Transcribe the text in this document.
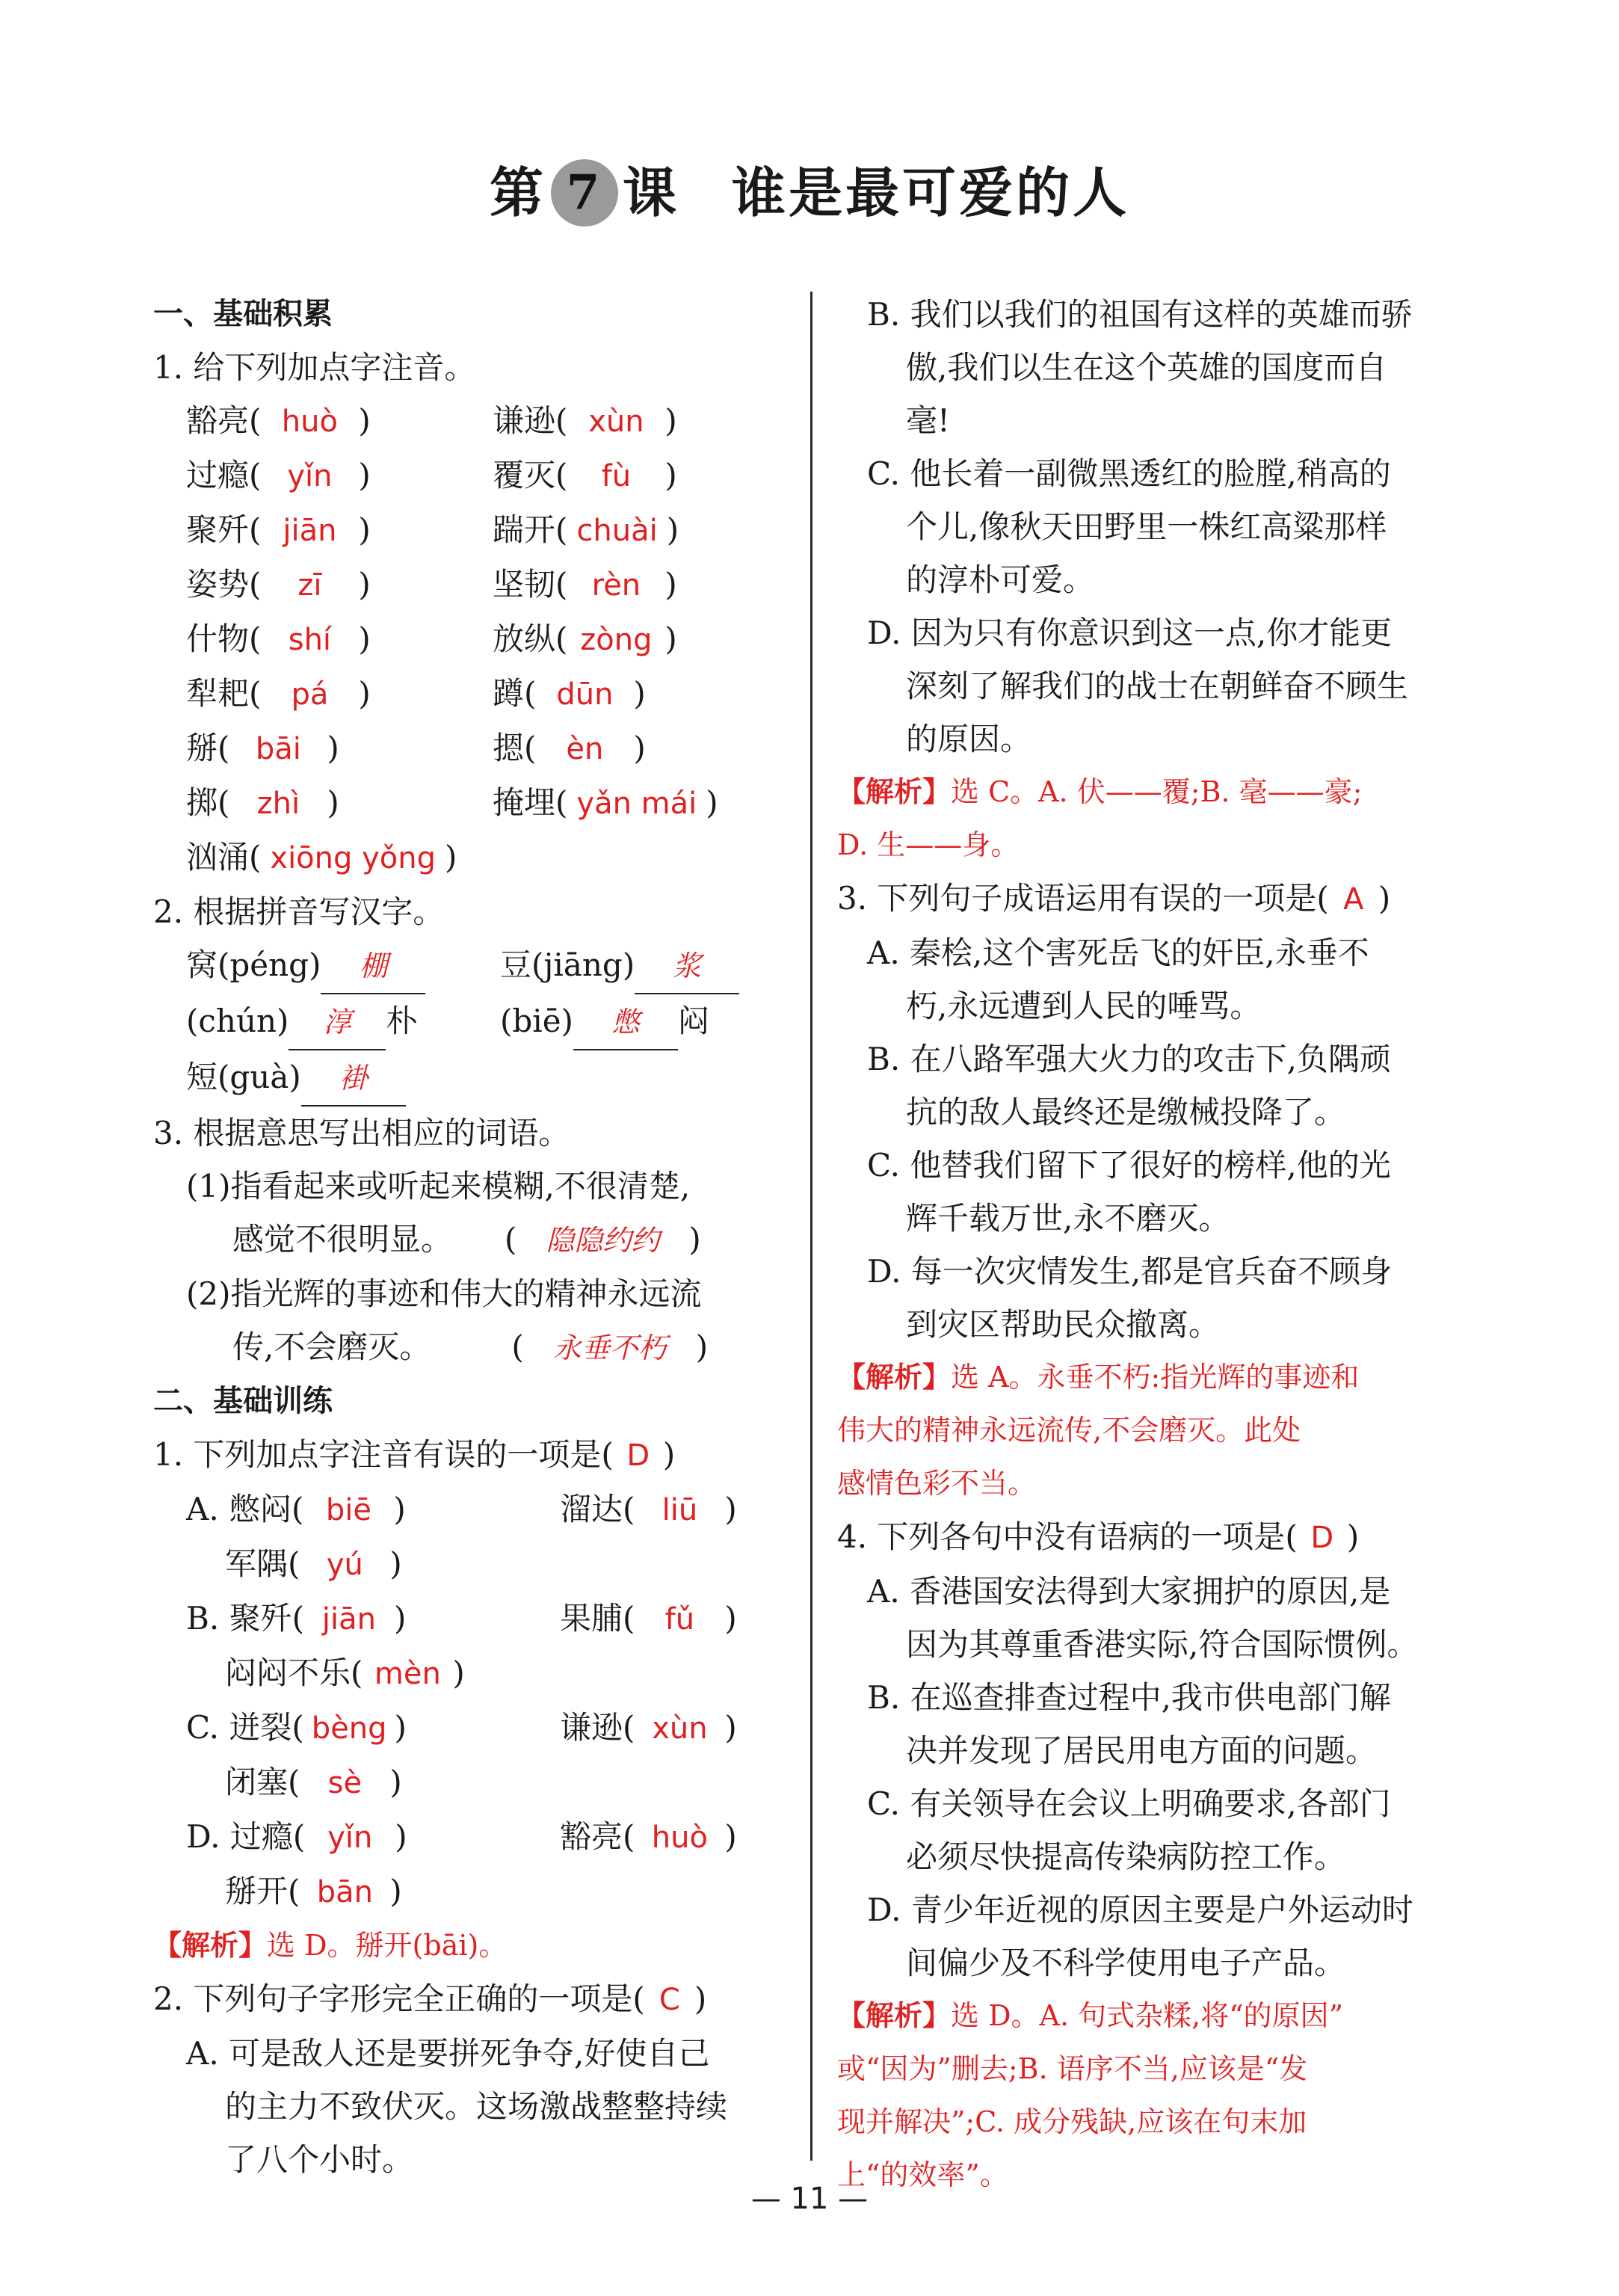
第 7 课 谁是最可爱的人
一、基础积累
1. 给下列加点字注音。
豁亮( huò )	谦逊( xùn )
过瘾( yǐn )	覆灭( fù )
聚歼( jiān )	踹开( chuài )
姿势( zī )	坚韧( rèn )
什物( shí )	放纵( zòng )
犁耙( pá )	蹲( dūn )
掰( bāi )	摁( èn )
掷( zhì )	掩埋( yǎn mái )
汹涌( xiōng yǒng )
2. 根据拼音写汉字。
窝(péng) 棚	豆(jiāng) 浆
(chún) 淳 朴	(biē) 憋 闷
短(guà) 褂
3. 根据意思写出相应的词语。
(1)指看起来或听起来模糊,不很清楚,
感觉不很明显。 ( 隐隐约约 )
(2)指光辉的事迹和伟大的精神永远流
传,不会磨灭。	( 永垂不朽 )
二、基础训练
1. 下列加点字注音有误的一项是( D )
A. 憋闷( biē )	溜达( liū )
军隅( yú )
B. 聚歼( jiān )	果脯( fǔ )
闷闷不乐( mèn )
C. 迸裂( bèng )	谦逊( xùn )
闭塞( sè )
D. 过瘾( yǐn )	豁亮( huò )
掰开( bān )
【解析】选 D。掰开(bāi)。
2. 下列句子字形完全正确的一项是( C )
A. 可是敌人还是要拼死争夺,好使自己
的主力不致伏灭。这场激战整整持续
了八个小时。
B. 我们以我们的祖国有这样的英雄而骄
傲,我们以生在这个英雄的国度而自
毫!
C. 他长着一副微黑透红的脸膛,稍高的
个儿,像秋天田野里一株红高粱那样
的淳朴可爱。
D. 因为只有你意识到这一点,你才能更
深刻了解我们的战士在朝鲜奋不顾生
的原因。
【解析】选 C。A. 伏——覆;B. 毫——豪;
D. 生——身。
3. 下列句子成语运用有误的一项是( A )
A. 秦桧,这个害死岳飞的奸臣,永垂不
朽,永远遭到人民的唾骂。
B. 在八路军强大火力的攻击下,负隅顽
抗的敌人最终还是缴械投降了。
C. 他替我们留下了很好的榜样,他的光
辉千载万世,永不磨灭。
D. 每一次灾情发生,都是官兵奋不顾身
到灾区帮助民众撤离。
【解析】选 A。永垂不朽:指光辉的事迹和
伟大的精神永远流传,不会磨灭。此处
感情色彩不当。
4. 下列各句中没有语病的一项是( D )
A. 香港国安法得到大家拥护的原因,是
因为其尊重香港实际,符合国际惯例。
B. 在巡查排查过程中,我市供电部门解
决并发现了居民用电方面的问题。
C. 有关领导在会议上明确要求,各部门
必须尽快提高传染病防控工作。
D. 青少年近视的原因主要是户外运动时
间偏少及不科学使用电子产品。
【解析】选 D。A. 句式杂糅,将“的原因”
或“因为”删去;B. 语序不当,应该是“发
现并解决”;C. 成分残缺,应该在句末加
上“的效率”。
— 11 —
